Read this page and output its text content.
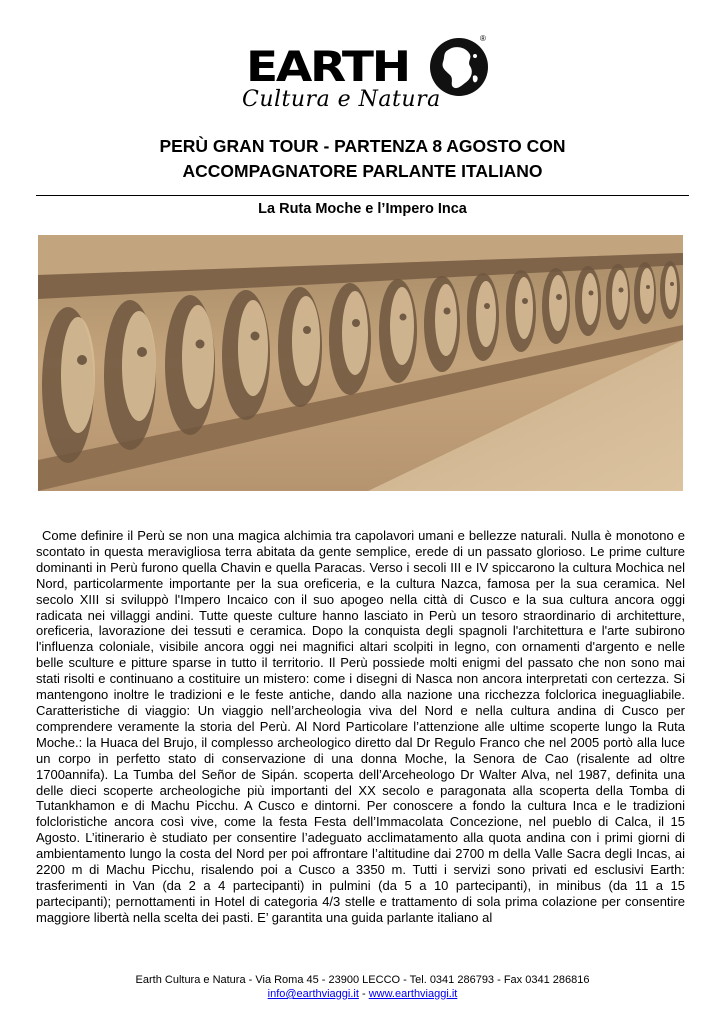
EARTH
®
Cultura e Natura
PERÙ GRAN TOUR - PARTENZA 8 AGOSTO CON
ACCOMPAGNATORE PARLANTE ITALIANO
La Ruta Moche e l’Impero Inca
Come definire il Perù se non una magica alchimia tra capolavori umani e bellezze naturali. Nulla è monotono e scontato in questa meravigliosa terra abitata da gente semplice, erede di un passato glorioso. Le prime culture dominanti in Perù furono quella Chavin e quella Paracas. Verso i secoli III e IV spiccarono la cultura Mochica nel Nord, particolarmente importante per la sua oreficeria, e la cultura Nazca, famosa per la sua ceramica. Nel secolo XIII si sviluppò l'Impero Incaico con il suo apogeo nella città di Cusco e la sua cultura ancora oggi radicata nei villaggi andini. Tutte queste culture hanno lasciato in Perù un tesoro straordinario di architetture, oreficeria, lavorazione dei tessuti e ceramica. Dopo la conquista degli spagnoli l'architettura e l'arte subirono l'influenza coloniale, visibile ancora oggi nei magnifici altari scolpiti in legno, con ornamenti d'argento e nelle belle sculture e pitture sparse in tutto il territorio. Il Perù possiede molti enigmi del passato che non sono mai stati risolti e continuano a costituire un mistero: come i disegni di Nasca non ancora interpretati con certezza. Si mantengono inoltre le tradizioni e le feste antiche, dando alla nazione una ricchezza folclorica ineguagliabile. Caratteristiche di viaggio: Un viaggio nell’archeologia viva del Nord e nella cultura andina di Cusco per comprendere veramente la storia del Perù. Al Nord Particolare l’attenzione alle ultime scoperte lungo la Ruta Moche.: la Huaca del Brujo, il complesso archeologico diretto dal Dr Regulo Franco che nel 2005 portò alla luce un corpo in perfetto stato di conservazione di una donna Moche, la Senora de Cao (risalente ad oltre 1700annifa). La Tumba del Señor de Sipán. scoperta dell’Arceheologo Dr Walter Alva, nel 1987, definita una delle dieci scoperte archeologiche più importanti del XX secolo e paragonata alla scoperta della Tomba di Tutankhamon e di Machu Picchu. A Cusco e dintorni. Per conoscere a fondo la cultura Inca e le tradizioni folcloristiche ancora così vive, come la festa Festa dell’Immacolata Concezione, nel pueblo di Calca, il 15 Agosto. L’itinerario è studiato per consentire l’adeguato acclimatamento alla quota andina con i primi giorni di ambientamento lungo la costa del Nord per poi affrontare l’altitudine dai 2700 m della Valle Sacra degli Incas, ai 2200 m di Machu Picchu, risalendo poi a Cusco a 3350 m. Tutti i servizi sono privati ed esclusivi Earth: trasferimenti in Van (da 2 a 4 partecipanti) in pulmini (da 5 a 10 partecipanti), in minibus (da 11 a 15 partecipanti); pernottamenti in Hotel di categoria 4/3 stelle e trattamento di sola prima colazione per consentire maggiore libertà nella scelta dei pasti. E’ garantita una guida parlante italiano al
Earth Cultura e Natura - Via Roma 45 - 23900 LECCO - Tel. 0341 286793 - Fax 0341 286816
info@earthviaggi.it - www.earthviaggi.it
